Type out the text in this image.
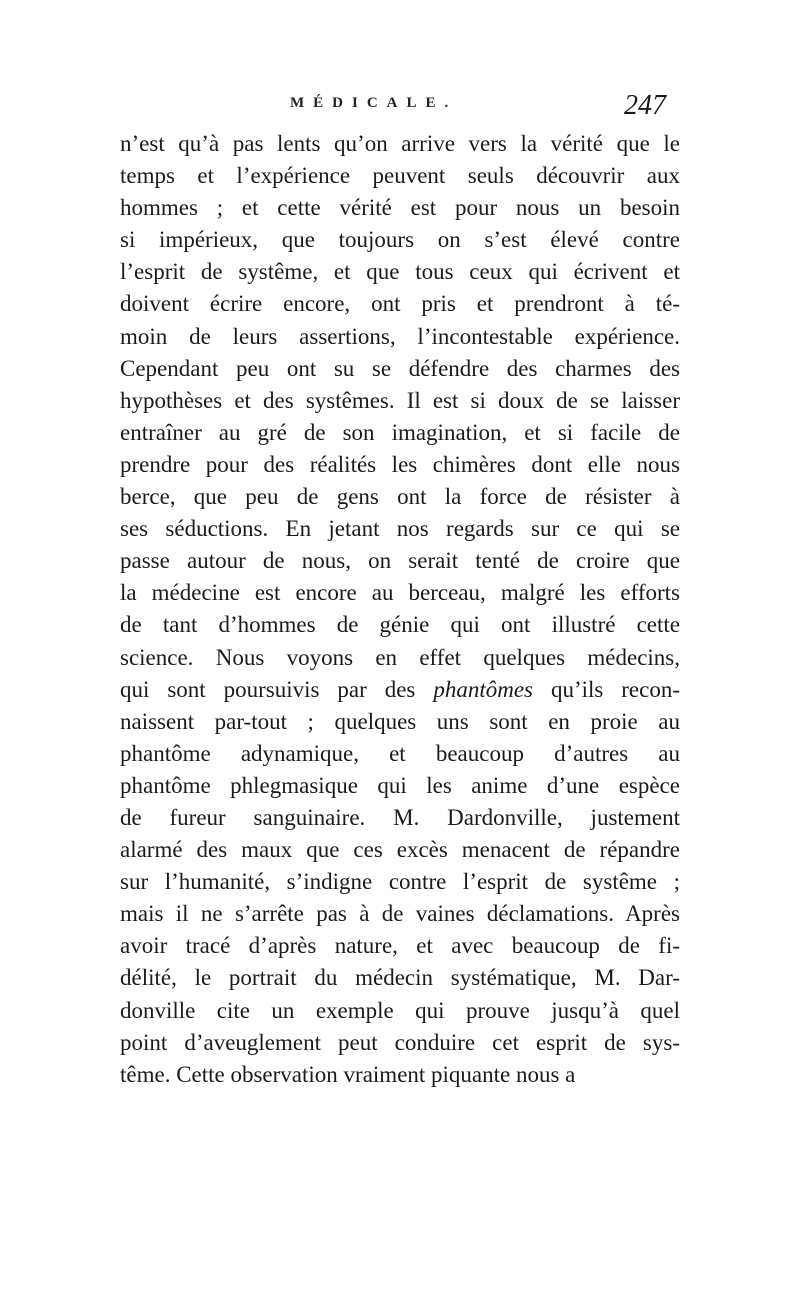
MÉDICALE.	247
n’est qu’à pas lents qu’on arrive vers la vérité que le
temps et l’expérience peuvent seuls découvrir aux
hommes ; et cette vérité est pour nous un besoin
si impérieux, que toujours on s’est élevé contre
l’esprit de systême, et que tous ceux qui écrivent et
doivent écrire encore, ont pris et prendront à té-
moin de leurs assertions, l’incontestable expérience.
Cependant peu ont su se défendre des charmes des
hypothèses et des systêmes. Il est si doux de se laisser
entraîner au gré de son imagination, et si facile de
prendre pour des réalités les chimères dont elle nous
berce, que peu de gens ont la force de résister à
ses séductions. En jetant nos regards sur ce qui se
passe autour de nous, on serait tenté de croire que
la médecine est encore au berceau, malgré les efforts
de tant d’hommes de génie qui ont illustré cette
science. Nous voyons en effet quelques médecins,
qui sont poursuivis par des phantômes qu’ils recon-
naissent par-tout ; quelques uns sont en proie au
phantôme adynamique, et beaucoup d’autres au
phantôme phlegmasique qui les anime d’une espèce
de fureur sanguinaire. M. Dardonville, justement
alarmé des maux que ces excès menacent de répandre
sur l’humanité, s’indigne contre l’esprit de systême ;
mais il ne s’arrête pas à de vaines déclamations. Après
avoir tracé d’après nature, et avec beaucoup de fi-
délité, le portrait du médecin systématique, M. Dar-
donville cite un exemple qui prouve jusqu’à quel
point d’aveuglement peut conduire cet esprit de sys-
tême. Cette observation vraiment piquante nous a
